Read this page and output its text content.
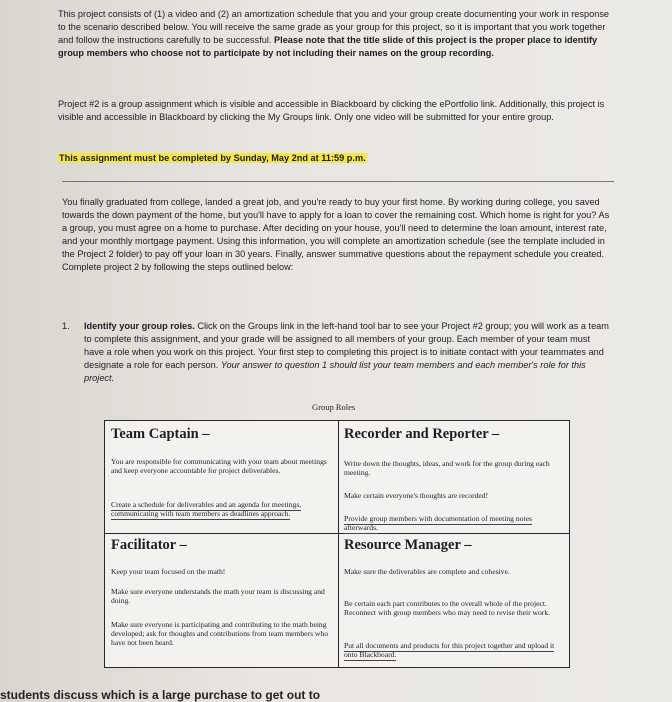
This project consists of (1) a video and (2) an amortization schedule that you and your group create documenting your work in response to the scenario described below. You will receive the same grade as your group for this project, so it is important that you work together and follow the instructions carefully to be successful. Please note that the title slide of this project is the proper place to identify group members who choose not to participate by not including their names on the group recording.
Project #2 is a group assignment which is visible and accessible in Blackboard by clicking the ePortfolio link. Additionally, this project is visible and accessible in Blackboard by clicking the My Groups link. Only one video will be submitted for your entire group.
This assignment must be completed by Sunday, May 2nd at 11:59 p.m.
You finally graduated from college, landed a great job, and you're ready to buy your first home. By working during college, you saved towards the down payment of the home, but you'll have to apply for a loan to cover the remaining cost. Which home is right for you? As a group, you must agree on a home to purchase. After deciding on your house, you'll need to determine the loan amount, interest rate, and your monthly mortgage payment. Using this information, you will complete an amortization schedule (see the template included in the Project 2 folder) to pay off your loan in 30 years. Finally, answer summative questions about the repayment schedule you created. Complete project 2 by following the steps outlined below:
1. Identify your group roles. Click on the Groups link in the left-hand tool bar to see your Project #2 group; you will work as a team to complete this assignment, and your grade will be assigned to all members of your group. Each member of your team must have a role when you work on this project. Your first step to completing this project is to initiate contact with your teammates and designate a role for each person. Your answer to question 1 should list your team members and each member's role for this project.
Group Roles
Team Captain –
You are responsible for communicating with your team about meetings and keep everyone accountable for project deliverables.
Create a schedule for deliverables and an agenda for meetings, communicating with team members as deadlines approach.
Recorder and Reporter –
Write down the thoughts, ideas, and work for the group during each meeting.
Make certain everyone's thoughts are recorded!
Provide group members with documentation of meeting notes afterwards.
Facilitator –
Keep your team focused on the math!
Make sure everyone understands the math your team is discussing and doing.
Make sure everyone is participating and contributing to the math being developed; ask for thoughts and contributions from team members who have not been heard.
Resource Manager –
Make sure the deliverables are complete and cohesive.
Be certain each part contributes to the overall whole of the project. Reconnect with group members who may need to revise their work.
Put all documents and products for this project together and upload it onto Blackboard.
students discuss which is a large purchase to get out to
